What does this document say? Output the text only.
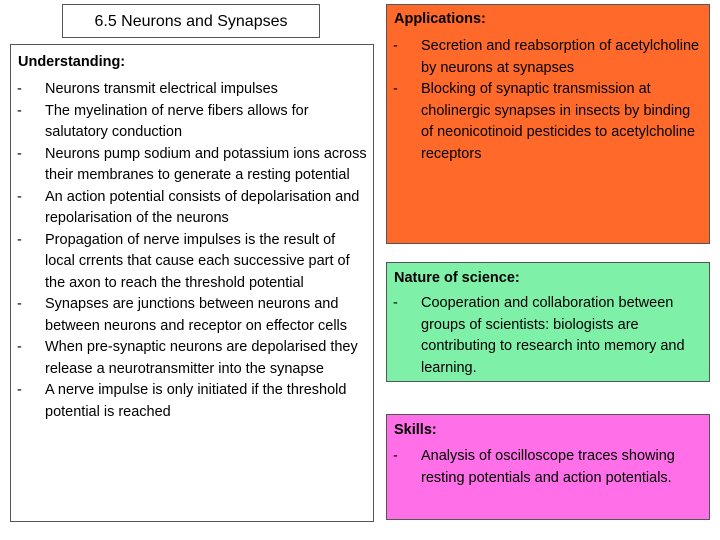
6.5 Neurons and Synapses
Understanding:
- Neurons transmit electrical impulses
- The myelination of nerve fibers allows for salutatory conduction
- Neurons pump sodium and potassium ions across their membranes to generate a resting potential
- An action potential consists of depolarisation and repolarisation of the neurons
- Propagation of nerve impulses is the result of local crrents that cause each successive part of the axon to reach the threshold potential
- Synapses are junctions between neurons and between neurons and receptor on effector cells
- When pre-synaptic neurons are depolarised they release a neurotransmitter into the synapse
- A nerve impulse is only initiated if the threshold potential is reached
Applications:
- Secretion and reabsorption of acetylcholine by neurons at synapses
- Blocking of synaptic transmission at cholinergic synapses in insects by binding of neonicotinoid pesticides to acetylcholine receptors
Nature of science:
- Cooperation and collaboration between groups of scientists: biologists are contributing to research into memory and learning.
Skills:
- Analysis of oscilloscope traces showing resting potentials and action potentials.
